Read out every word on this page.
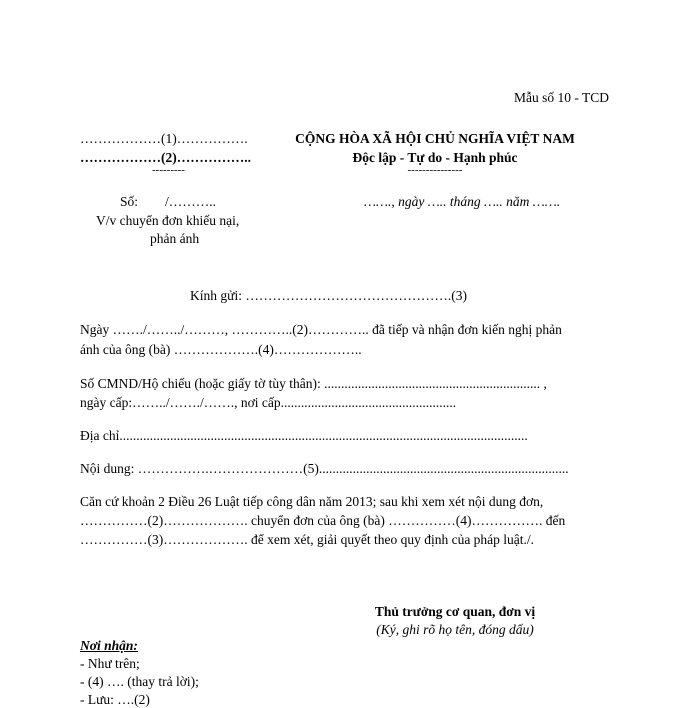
Mẫu số 10 - TCD
………………(1)…………….
………………(2)……………..
---------
CỘNG HÒA XÃ HỘI CHỦ NGHĨA VIỆT NAM
Độc lập - Tự do - Hạnh phúc
---------------
Số:        /………..
V/v chuyển đơn khiếu nại,
phản ánh
……., ngày ….. tháng ….. năm …….
Kính gửi: ……………………………………….(3)
Ngày ……./……../………, …………..(2)………….. đã tiếp và nhận đơn kiến nghị phản
ánh của ông (bà) ……………….(4)………………..
Số CMND/Hộ chiếu (hoặc giấy tờ tùy thân): ................................................................ ,
ngày cấp:……../……./……., nơi cấp....................................................
Địa chỉ.........................................................................................................................
Nội dung: …………….…………………(5)..........................................................................
Căn cứ khoản 2 Điều 26 Luật tiếp công dân năm 2013; sau khi xem xét nội dung đơn,
……………(2)………………. chuyển đơn của ông (bà) ……………(4)……………. đến
……………(3)………………. để xem xét, giải quyết theo quy định của pháp luật./.
Thủ trưởng cơ quan, đơn vị
(Ký, ghi rõ họ tên, đóng dấu)
Nơi nhận:
- Như trên;
- (4) …. (thay trả lời);
- Lưu: ….(2)
